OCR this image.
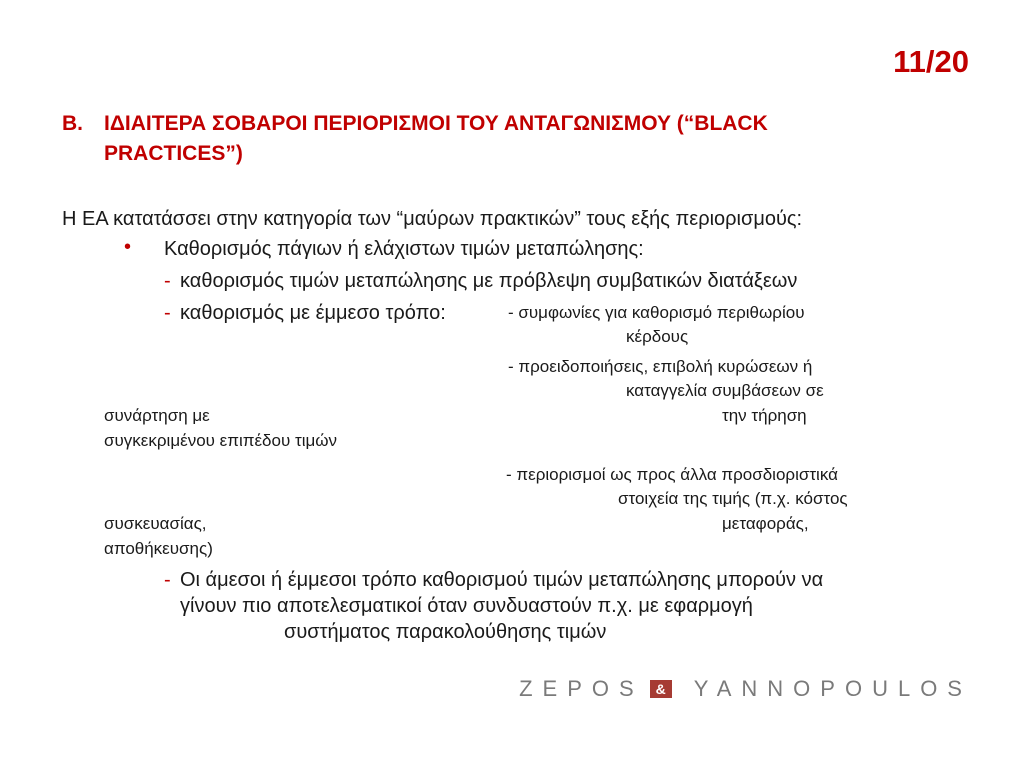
11/20
B. ΙΔΙΑΙΤΕΡΑ ΣΟΒΑΡΟΙ ΠΕΡΙΟΡΙΣΜΟΙ ΤΟΥ ΑΝΤΑΓΩΝΙΣΜΟΥ (“BLACK
PRACTICES”)
Η ΕΑ κατατάσσει στην κατηγορία των “μαύρων πρακτικών” τους εξής περιορισμούς:
• Καθορισμός πάγιων ή ελάχιστων τιμών μεταπώλησης:
- καθορισμός τιμών μεταπώλησης με πρόβλεψη συμβατικών διατάξεων
- καθορισμός με έμμεσο τρόπο:	- συμφωνίες για καθορισμό περιθωρίου
κέρδους
- προειδοποιήσεις, επιβολή κυρώσεων ή
καταγγελία συμβάσεων σε
συνάρτηση με	την τήρηση
συγκεκριμένου επιπέδου τιμών
- περιορισμοί ως προς άλλα προσδιοριστικά
στοιχεία της τιμής (π.χ. κόστος
συσκευασίας,	μεταφοράς,
αποθήκευσης)
- Οι άμεσοι ή έμμεσοι τρόπο καθορισμού τιμών μεταπώλησης μπορούν να
γίνουν πιο αποτελεσματικοί όταν συνδυαστούν π.χ. με εφαρμογή
συστήματος παρακολούθησης τιμών
ZEPOS & YANNOPOULOS
